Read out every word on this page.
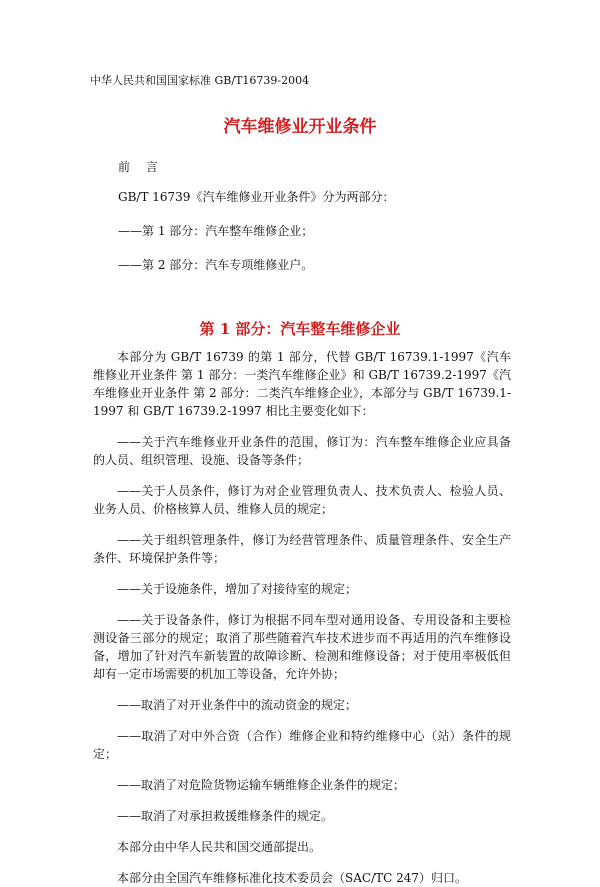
中华人民共和国国家标准 GB/T16739-2004
汽车维修业开业条件
前 言
GB/T 16739《汽车维修业开业条件》分为两部分：
——第 1 部分：汽车整车维修企业；
——第 2 部分：汽车专项维修业户。
第 1 部分：汽车整车维修企业

本部分为 GB/T 16739 的第 1 部分，代替 GB/T 16739.1-1997《汽车维修业开业条件 第 1 部分：一类汽车维修企业》和 GB/T 16739.2-1997《汽车维修业开业条件 第 2 部分：二类汽车维修企业》，本部分与 GB/T 16739.1-1997 和 GB/T 16739.2-1997 相比主要变化如下：

——关于汽车维修业开业条件的范围，修订为：汽车整车维修企业应具备的人员、组织管理、设施、设备等条件；

——关于人员条件，修订为对企业管理负责人、技术负责人、检验人员、业务人员、价格核算人员、维修人员的规定；

——关于组织管理条件，修订为经营管理条件、质量管理条件、安全生产条件、环境保护条件等；

——关于设施条件，增加了对接待室的规定；

——关于设备条件，修订为根据不同车型对通用设备、专用设备和主要检测设备三部分的规定；取消了那些随着汽车技术进步而不再适用的汽车维修设备，增加了针对汽车新装置的故障诊断、检测和维修设备；对于使用率极低但却有一定市场需要的机加工等设备，允许外协；

——取消了对开业条件中的流动资金的规定；

——取消了对中外合资（合作）维修企业和特约维修中心（站）条件的规定；

——取消了对危险货物运输车辆维修企业条件的规定；

——取消了对承担救援维修条件的规定。

本部分由中华人民共和国交通部提出。

本部分由全国汽车维修标准化技术委员会（SAC/TC 247）归口。
